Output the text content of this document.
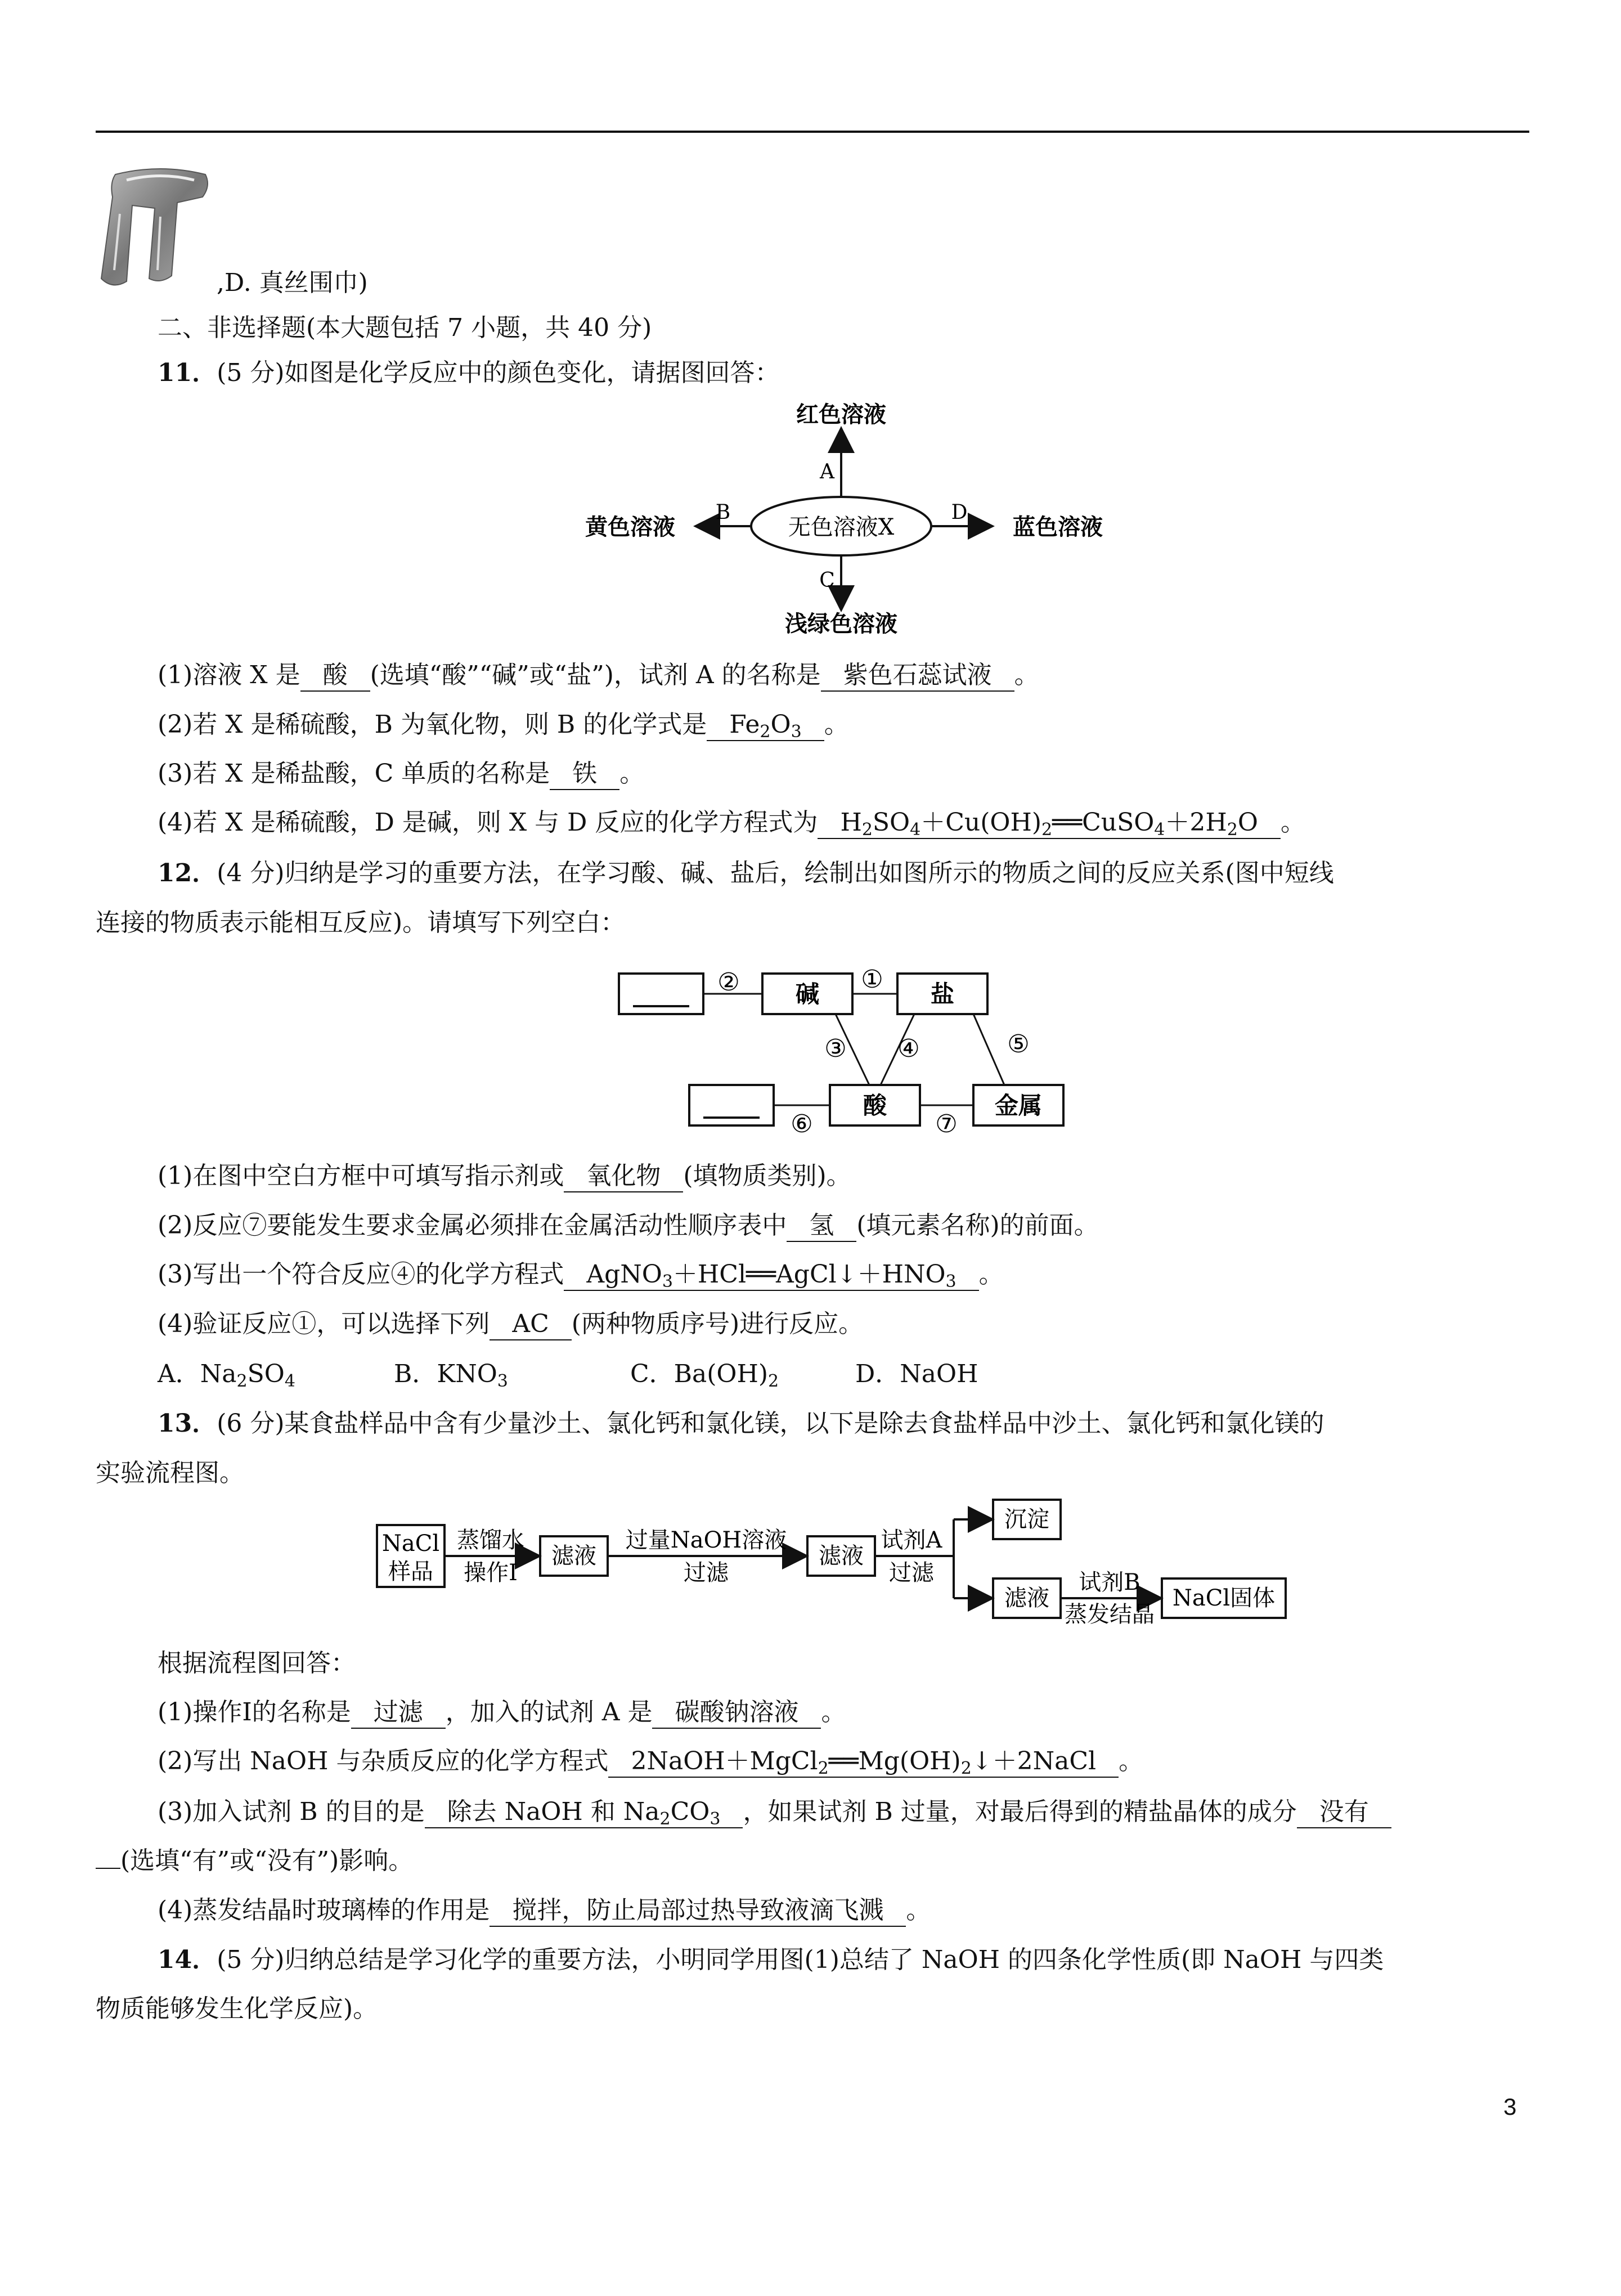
,D. 真丝围巾)
二、非选择题(本大题包括 7 小题，共 40 分)
11．(5 分)如图是化学反应中的颜色变化，请据图回答：
无色溶液X
A
红色溶液
B
黄色溶液
D
蓝色溶液
C
浅绿色溶液
(1)溶液 X 是 酸 (选填“酸”“碱”或“盐”)，试剂 A 的名称是 紫色石蕊试液 。
(2)若 X 是稀硫酸，B 为氧化物，则 B 的化学式是 $Fe_2O_3$ 。
(3)若 X 是稀盐酸，C 单质的名称是 铁 。
(4)若 X 是稀硫酸，D 是碱，则 X 与 D 反应的化学方程式为 $H_2SO_4+Cu(OH)_2══CuSO_4+2H_2O$ 。
12．(4 分)归纳是学习的重要方法，在学习酸、碱、盐后，绘制出如图所示的物质之间的反应关系(图中短线
连接的物质表示能相互反应)。请填写下列空白：
② 碱
①
盐
③ ④	⑤
⑥
酸
⑦
金属
(1)在图中空白方框中可填写指示剂或 氧化物 (填物质类别)。
(2)反应⑦要能发生要求金属必须排在金属活动性顺序表中 氢 (填元素名称)的前面。
(3)写出一个符合反应④的化学方程式 $AgNO_3+HCl══AgCl↓+HNO_3$ 。
(4)验证反应①，可以选择下列 AC (两种物质序号)进行反应。
A．$Na_2SO_4$	B．$KNO_3$	C．$Ba(OH)_2$	D．NaOH
13．(6 分)某食盐样品中含有少量沙土、氯化钙和氯化镁，以下是除去食盐样品中沙土、氯化钙和氯化镁的
实验流程图。
NaCl
样品
蒸馏水
操作Ⅰ
滤液
过量NaOH溶液
过滤
滤液
试剂A
过滤
沉淀
滤液
试剂B
蒸发结晶
NaCl固体
根据流程图回答：
(1)操作Ⅰ的名称是 过滤 ，加入的试剂 A 是 碳酸钠溶液 。
(2)写出 NaOH 与杂质反应的化学方程式 $2NaOH+MgCl_2══Mg(OH)_2↓+2NaCl$ 。
(3)加入试剂 B 的目的是 除去 NaOH 和 $Na_2CO_3$ ，如果试剂 B 过量，对最后得到的精盐晶体的成分 没有
(选填“有”或“没有”)影响。
(4)蒸发结晶时玻璃棒的作用是 搅拌，防止局部过热导致液滴飞溅 。
14．(5 分)归纳总结是学习化学的重要方法，小明同学用图(1)总结了 NaOH 的四条化学性质(即 NaOH 与四类
物质能够发生化学反应)。
3
